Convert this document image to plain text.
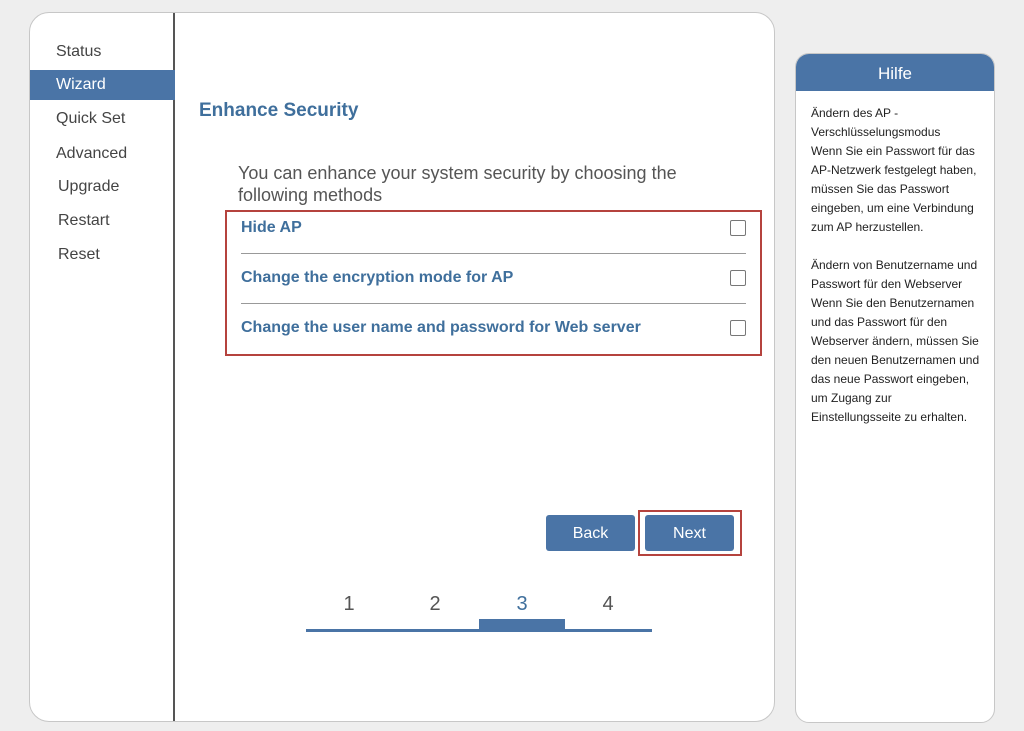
Status
Wizard
Quick Set
Advanced
Upgrade
Restart
Reset
Enhance Security
You can enhance your system security by choosing the following methods
Hide AP
Change the encryption mode for AP
Change the user name and password for Web server
Back	Next
1	2	3	4
Hilfe

Ändern des AP - Verschlüsselungsmodus

Wenn Sie ein Passwort für das AP-Netzwerk festgelegt haben, müssen Sie das Passwort eingeben, um eine Verbindung zum AP herzustellen.

Ändern von Benutzername und Passwort für den Webserver

Wenn Sie den Benutzernamen und das Passwort für den Webserver ändern, müssen Sie den neuen Benutzernamen und das neue Passwort eingeben, um Zugang zur Einstellungsseite zu erhalten.
